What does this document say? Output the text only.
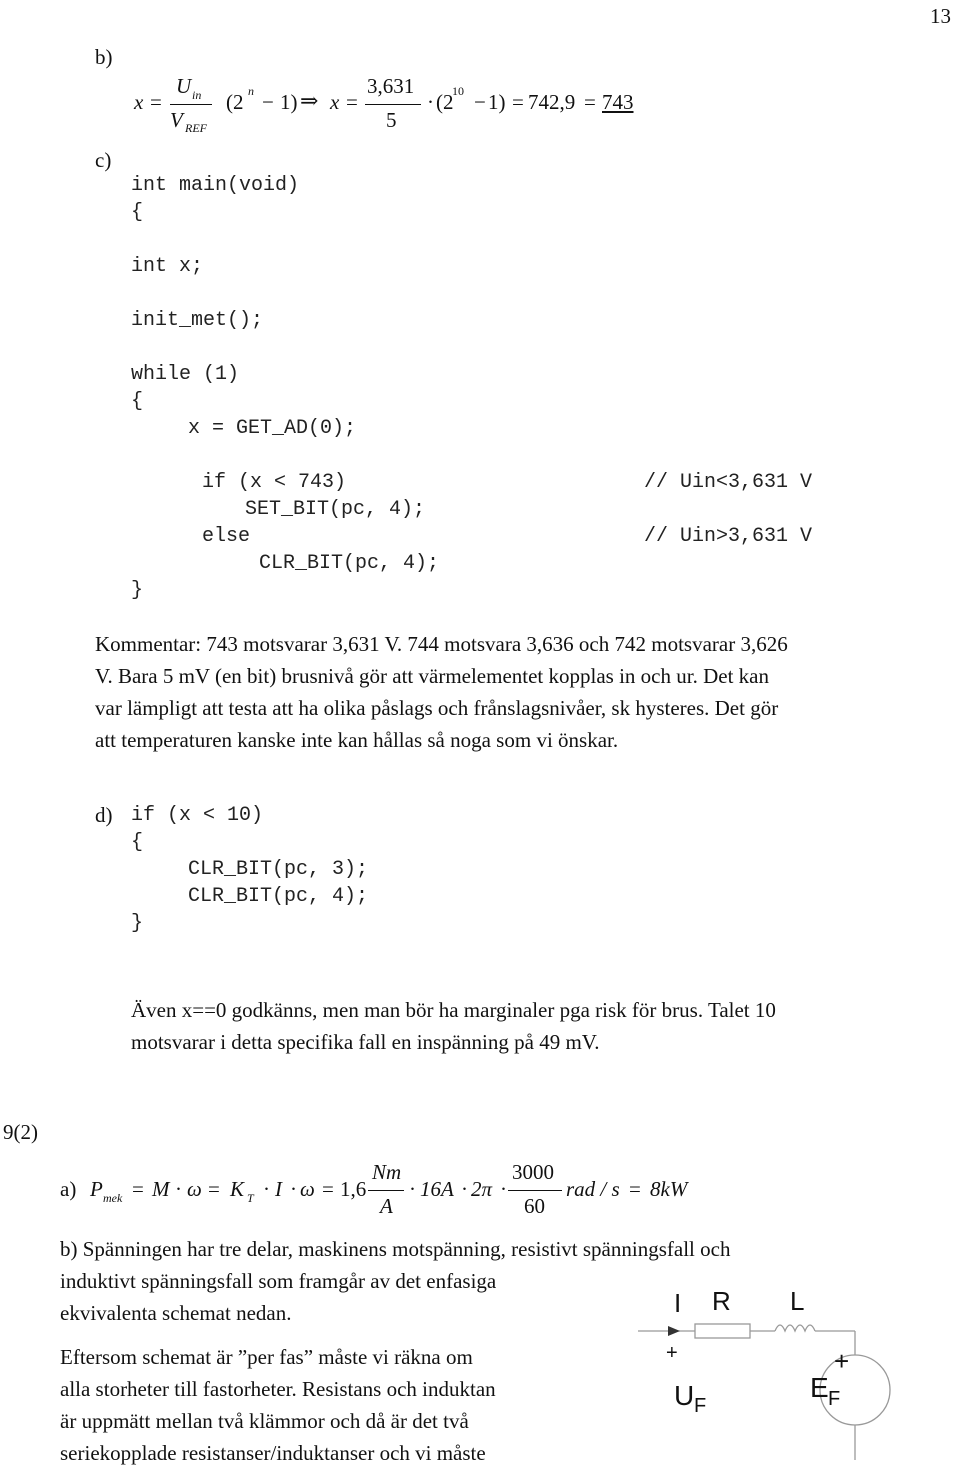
13
b)
x =
U in
V REF
(2 n − 1) ⇒ x =
3,631
5
· (2
10 − 1) = 742,9 = 743
c)
int main(void)
{
int x;
init_met();
while (1)
{
x = GET_AD(0);
if (x < 743)
SET_BIT(pc, 4);
else
CLR_BIT(pc, 4);
}
// Uin<3,631 V
// Uin>3,631 V
Kommentar: 743 motsvarar 3,631 V. 744 motsvara 3,636 och 742 motsvarar 3,626
V. Bara 5 mV (en bit) brusnivå gör att värmelementet kopplas in och ur. Det kan
var lämpligt att testa att ha olika påslags och frånslagsnivåer, sk hysteres. Det gör
att temperaturen kanske inte kan hållas så noga som vi önskar.
d) if (x < 10)
{
CLR_BIT(pc, 3);
CLR_BIT(pc, 4);
}
Även x==0 godkänns, men man bör ha marginaler pga risk för brus. Talet 10
motsvarar i detta specifika fall en inspänning på 49 mV.
9(2)
a) P mek = M · ω = K T · I · ω = 1,6
Nm
A
· 16A · 2π ·
3000
60
rad / s = 8kW
b) Spänningen har tre delar, maskinens motspänning, resistivt spänningsfall och
induktivt spänningsfall som framgår av det enfasiga
ekvivalenta schemat nedan.
Eftersom schemat är ”per fas” måste vi räkna om
alla storheter till fastorheter. Resistans och induktan
är uppmätt mellan två klämmor och då är det två
seriekopplade resistanser/induktanser och vi måste
I R L
+
U F
+
E F
